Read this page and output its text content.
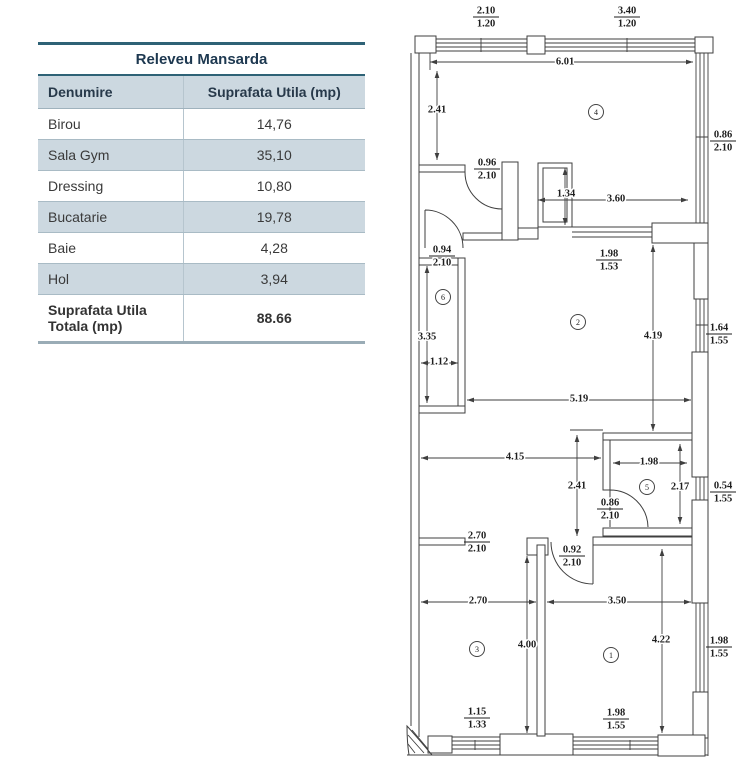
Releveu Mansarda	
Denumire	Suprafata Utila (mp)
Birou	14,76
Sala Gym	35,10
Dressing	10,80
Bucatarie	19,78
Baie	4,28
Hol	3,94
Suprafata Utila Totala (mp)	88.66
6.01
2.41
1.34	3.60
3.35
1.12
4.19
5.19
4.15
2.41
1.98
2.17
2.70	3.50
4.00	4.22
2.10
1.20
3.40
1.20
0.86
2.10
0.96
2.10
0.94
2.10
1.98
1.53
1.64
1.55
0.54
1.55
0.86
2.10
2.70
2.10	0.92
2.10
1.98
1.55
1.15
1.33
1.98
1.55
1
2
3
4
5
6
